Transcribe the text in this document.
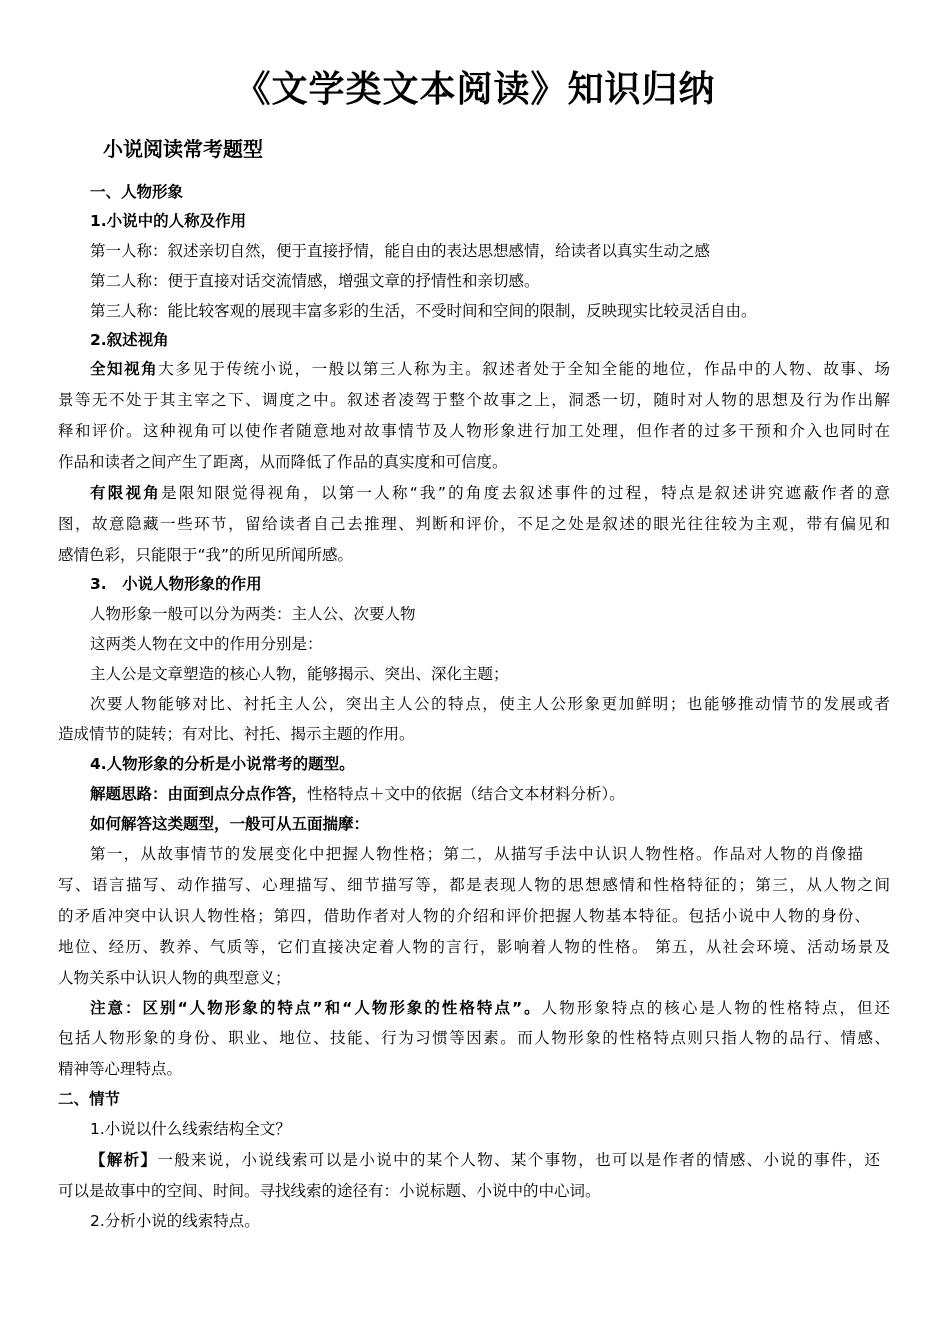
《文学类文本阅读》知识归纳
小说阅读常考题型
一、人物形象
1.小说中的人称及作用
第一人称：叙述亲切自然，便于直接抒情，能自由的表达思想感情，给读者以真实生动之感
第二人称：便于直接对话交流情感，增强文章的抒情性和亲切感。
第三人称：能比较客观的展现丰富多彩的生活，不受时间和空间的限制，反映现实比较灵活自由。
2.叙述视角
全知视角大多见于传统小说，一般以第三人称为主。叙述者处于全知全能的地位，作品中的人物、故事、场
景等无不处于其主宰之下、调度之中。叙述者凌驾于整个故事之上，洞悉一切，随时对人物的思想及行为作出解
释和评价。这种视角可以使作者随意地对故事情节及人物形象进行加工处理，但作者的过多干预和介入也同时在
作品和读者之间产生了距离，从而降低了作品的真实度和可信度。
有限视角是限知限觉得视角，以第一人称“我”的角度去叙述事件的过程，特点是叙述讲究遮蔽作者的意
图，故意隐藏一些环节，留给读者自己去推理、判断和评价，不足之处是叙述的眼光往往较为主观，带有偏见和
感情色彩，只能限于“我”的所见所闻所感。
3.　小说人物形象的作用
人物形象一般可以分为两类：主人公、次要人物
这两类人物在文中的作用分别是：
主人公是文章塑造的核心人物，能够揭示、突出、深化主题；
次要人物能够对比、衬托主人公，突出主人公的特点，使主人公形象更加鲜明；也能够推动情节的发展或者
造成情节的陡转；有对比、衬托、揭示主题的作用。
4.人物形象的分析是小说常考的题型。
解题思路：由面到点分点作答，性格特点＋文中的依据（结合文本材料分析）。
如何解答这类题型，一般可从五面揣摩：
第一，从故事情节的发展变化中把握人物性格；第二，从描写手法中认识人物性格。作品对人物的肖像描
写、语言描写、动作描写、心理描写、细节描写等，都是表现人物的思想感情和性格特征的；第三，从人物之间
的矛盾冲突中认识人物性格；第四，借助作者对人物的介绍和评价把握人物基本特征。包括小说中人物的身份、
地位、经历、教养、气质等，它们直接决定着人物的言行，影响着人物的性格。 第五，从社会环境、活动场景及
人物关系中认识人物的典型意义；
注意：区别“人物形象的特点”和“人物形象的性格特点”。人物形象特点的核心是人物的性格特点，但还
包括人物形象的身份、职业、地位、技能、行为习惯等因素。而人物形象的性格特点则只指人物的品行、情感、
精神等心理特点。
二、情节
1.小说以什么线索结构全文？
【解析】一般来说，小说线索可以是小说中的某个人物、某个事物，也可以是作者的情感、小说的事件，还
可以是故事中的空间、时间。寻找线索的途径有：小说标题、小说中的中心词。
2.分析小说的线索特点。
